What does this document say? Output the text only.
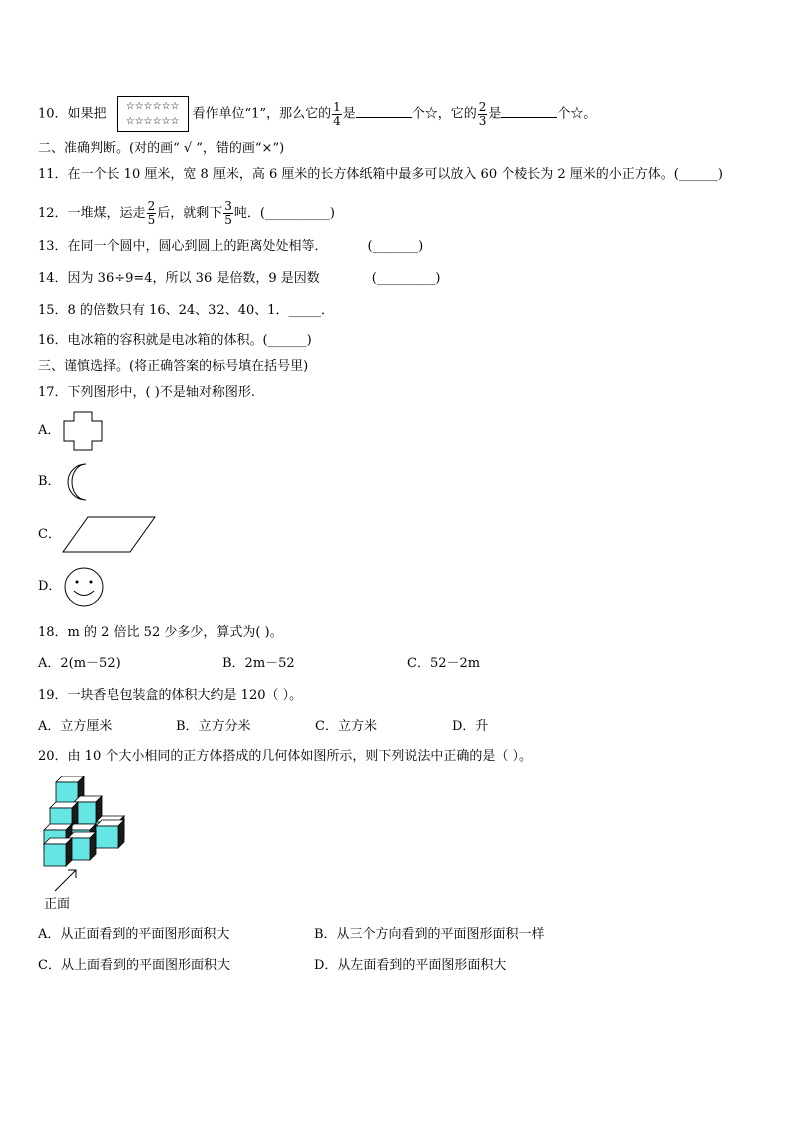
10．如果把 ☆☆☆☆☆☆
☆☆☆☆☆☆ 看作单位“1”，那么它的 $\frac{1}{4}$ 是	个☆，它的 $\frac{2}{3}$ 是	个☆。
二、准确判断。(对的画“ √ ”，错的画“×”)
11．在一个长 10 厘米，宽 8 厘米，高 6 厘米的长方体纸箱中最多可以放入 60 个棱长为 2 厘米的小正方体。(______)
12．一堆煤，运走 $\frac{2}{5}$ 后，就剩下 $\frac{3}{5}$ 吨．(__________)
13．在同一个圆中，圆心到圆上的距离处处相等．	(_______)
14．因为 36÷9=4，所以 36 是倍数，9 是因数	(_________)
15．8 的倍数只有 16、24、32、40、1．_____．
16．电冰箱的容积就是电冰箱的体积。(______)
三、谨慎选择。(将正确答案的标号填在括号里)
17．下列图形中，( )不是轴对称图形.
A．
B．
C．
D．
18．m 的 2 倍比 52 少多少，算式为( )。
A．2(m－52)	B．2m－52	C．52－2m
19．一块香皂包装盒的体积大约是 120（ ）。
A．立方厘米	B．立方分米	C．立方米	D．升
20．由 10 个大小相同的正方体搭成的几何体如图所示，则下列说法中正确的是（ ）。
正面
A．从正面看到的平面图形面积大	B．从三个方向看到的平面图形面积一样
C．从上面看到的平面图形面积大	D．从左面看到的平面图形面积大
